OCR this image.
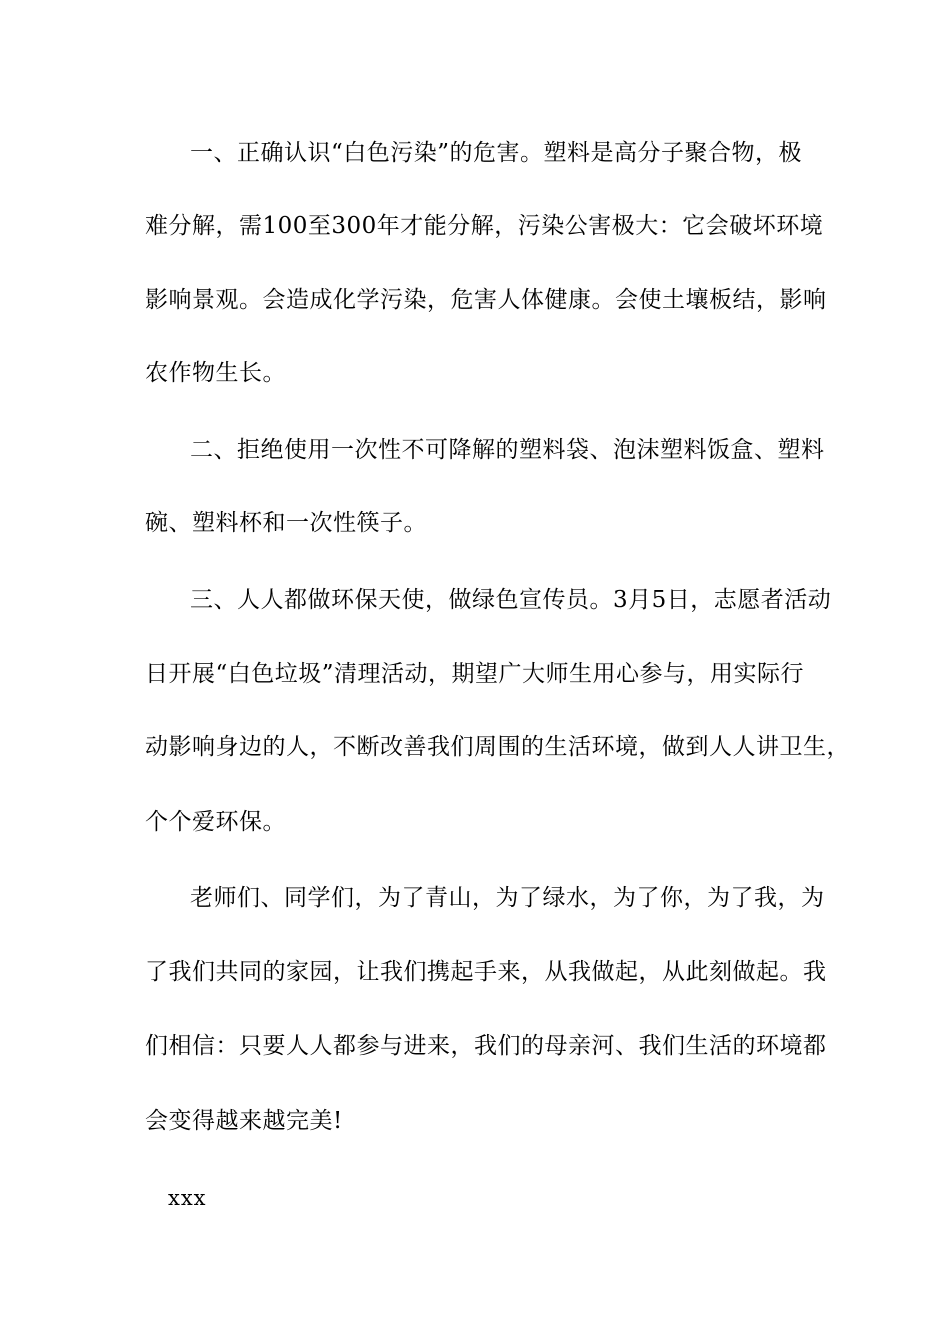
一、正确认识“白色污染”的危害。塑料是高分子聚合物，极
难分解，需100至300年才能分解，污染公害极大：它会破坏环境
影响景观。会造成化学污染，危害人体健康。会使土壤板结，影响
农作物生长。
二、拒绝使用一次性不可降解的塑料袋、泡沫塑料饭盒、塑料
碗、塑料杯和一次性筷子。
三、人人都做环保天使，做绿色宣传员。3月5日，志愿者活动
日开展“白色垃圾”清理活动，期望广大师生用心参与，用实际行
动影响身边的人，不断改善我们周围的生活环境，做到人人讲卫生，
个个爱环保。
老师们、同学们，为了青山，为了绿水，为了你，为了我，为
了我们共同的家园，让我们携起手来，从我做起，从此刻做起。我
们相信：只要人人都参与进来，我们的母亲河、我们生活的环境都
会变得越来越完美!
xxx
